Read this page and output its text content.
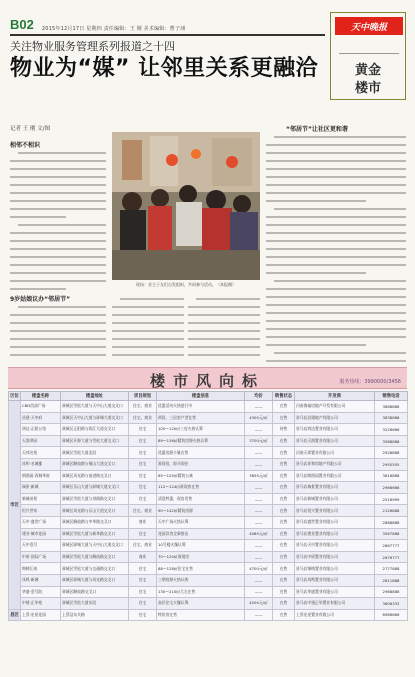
B02 2015年12月17日 星期四 责任编辑：王 刚 美术编辑：曹子翊	天中晚报
黄金
楼市
关注物业服务管理系列报道之十四
物业为“媒” 让邻里关系更融洽
记者 王 刚 文/图
相邻不相识
9岁姑娘议办“邻居节”
“邻居节”让社区更和谐
现场：业主子女们自发组织，共同参与活动。（本报摄）
楼市风向标	服务热线：3990000/3456
区位	楼盘名称	楼盘地址	项目规划	楼盘信息	均价	销售状态	开发商	销售电话
市区	CBD西部广场	驿城区雪松大道与天中山大道交叉口	住宅、商业	优惠活动火热进行中	——	在售	河南海福房地产开发有限公司	3888888
	昌建·天中府	驿城区天中山大道与驿城大道交叉口	住宅、商业	两居、三居室户型在售	4300元/㎡	在售	驻马店昌建地产有限公司	3838888
	鸿达·正阳公馆	驿城区正阳路与练江大道交叉口	住宅	100～120㎡三房火热认筹	——	待售	驻马店鸿达置业有限公司	3226666
	天润翠园	驿城区开源大道与雪松大道交叉口	住宅	89～136㎡精装房源火热认筹	3700元/㎡	在售	驻马店天润置业有限公司	3588888
	天邦名苑	驿城区雪松大道北段	住宅	优惠房源少量在售	——	在售	河南天邦置业有限公司	2928888
	祥和·名城郡	驿城区解放路与铜山大道交叉口	住宅	准现房，即买即住	——	在售	驻马店祥和房地产有限公司	2955555
	朗润园·西城华府	驿城区风光路与前进路交叉口	住宅	85～125㎡精装公寓	3650元/㎡	在售	驻马店朗润园置业有限公司	3618888
	瑞景·新城	驿城区乐山大道与驿城大道交叉口	住宅	112～124㎡准现房在售	——	在售	驻马店瑞景置业有限公司	2966666
	新城帝景	驿城区雪松大道与刘阁路交叉口	住宅	清盘特惠，现房发售	——	在售	驻马店新城置业有限公司	2516999
	恒兴世家	驿城区风光路与乐山大道交叉口	住宅、商业	90～142㎡精装房源	——	在售	驻马店恒兴置业有限公司	2126888
	天中·盛世广场	驿城区解放路与中华路交叉口	商业	天中广场火热认筹	——	在售	驻马店盛世置业有限公司	2868888
	建业·城市花园	驿城区雪松大道与新华路交叉口	住宅	花园洋房全新推出	4080元/㎡	在售	驻马店建业置业有限公司	3567888
	天中壹号	驿城区驿城大道与天中山大道交叉口	住宅、商业	10号楼火爆认筹	——	在售	驻马店天中置业有限公司	2867777
	中原·国际广场	驿城区雪松大道与解放路交叉口	商业	70～120㎡准现房	——	在售	驻马店中原置业有限公司	2676777
	锦绣江南	驿城区雪松大道与交通路交叉口	住宅	88～128㎡住宅在售	4700元/㎡	在售	驻马店锦绣置业有限公司	2777888
	凤鸣·新城	驿城区驿城大道与风光路交叉口	住宅	三期房源火热认购	——	在售	驻马店凤鸣置业有限公司	2811888
	华盛·壹号院	驿城区解放路交叉口	住宅	130～210㎡大宅在售	——	在售	驻马店华盛置业有限公司	2968888
	中建·正华苑	驿城区雪松大道东段	住宅	高层住宅火爆认筹	4200元/㎡	在售	驻马店中建正华置业有限公司	3606333
县区	上蔡·宏星花园	上蔡县东关路	住宅	特价房在售	——	在售	上蔡宏星置业有限公司	6966666
